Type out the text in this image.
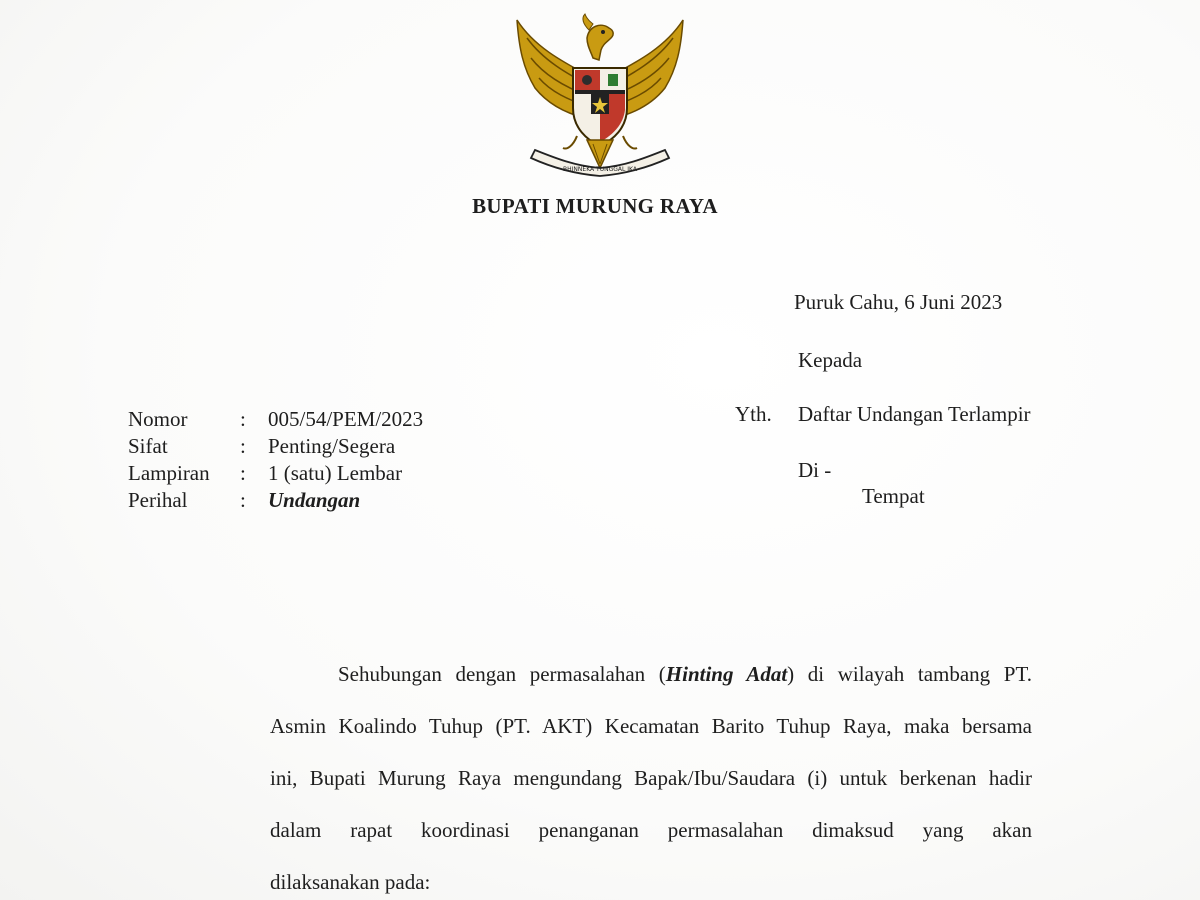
BHINNEKA TUNGGAL IKA
BUPATI MURUNG RAYA
Puruk Cahu, 6 Juni 2023
Kepada
Yth. Daftar Undangan Terlampir
Di -
Tempat
Nomor	:	005/54/PEM/2023
Sifat	:	Penting/Segera
Lampiran	:	1 (satu) Lembar
Perihal	:	Undangan
Sehubungan dengan permasalahan (Hinting Adat) di wilayah tambang PT.
Asmin Koalindo Tuhup (PT. AKT) Kecamatan Barito Tuhup Raya, maka bersama
ini, Bupati Murung Raya mengundang Bapak/Ibu/Saudara (i) untuk berkenan hadir
dalam rapat koordinasi penanganan permasalahan dimaksud yang akan
dilaksanakan pada:
